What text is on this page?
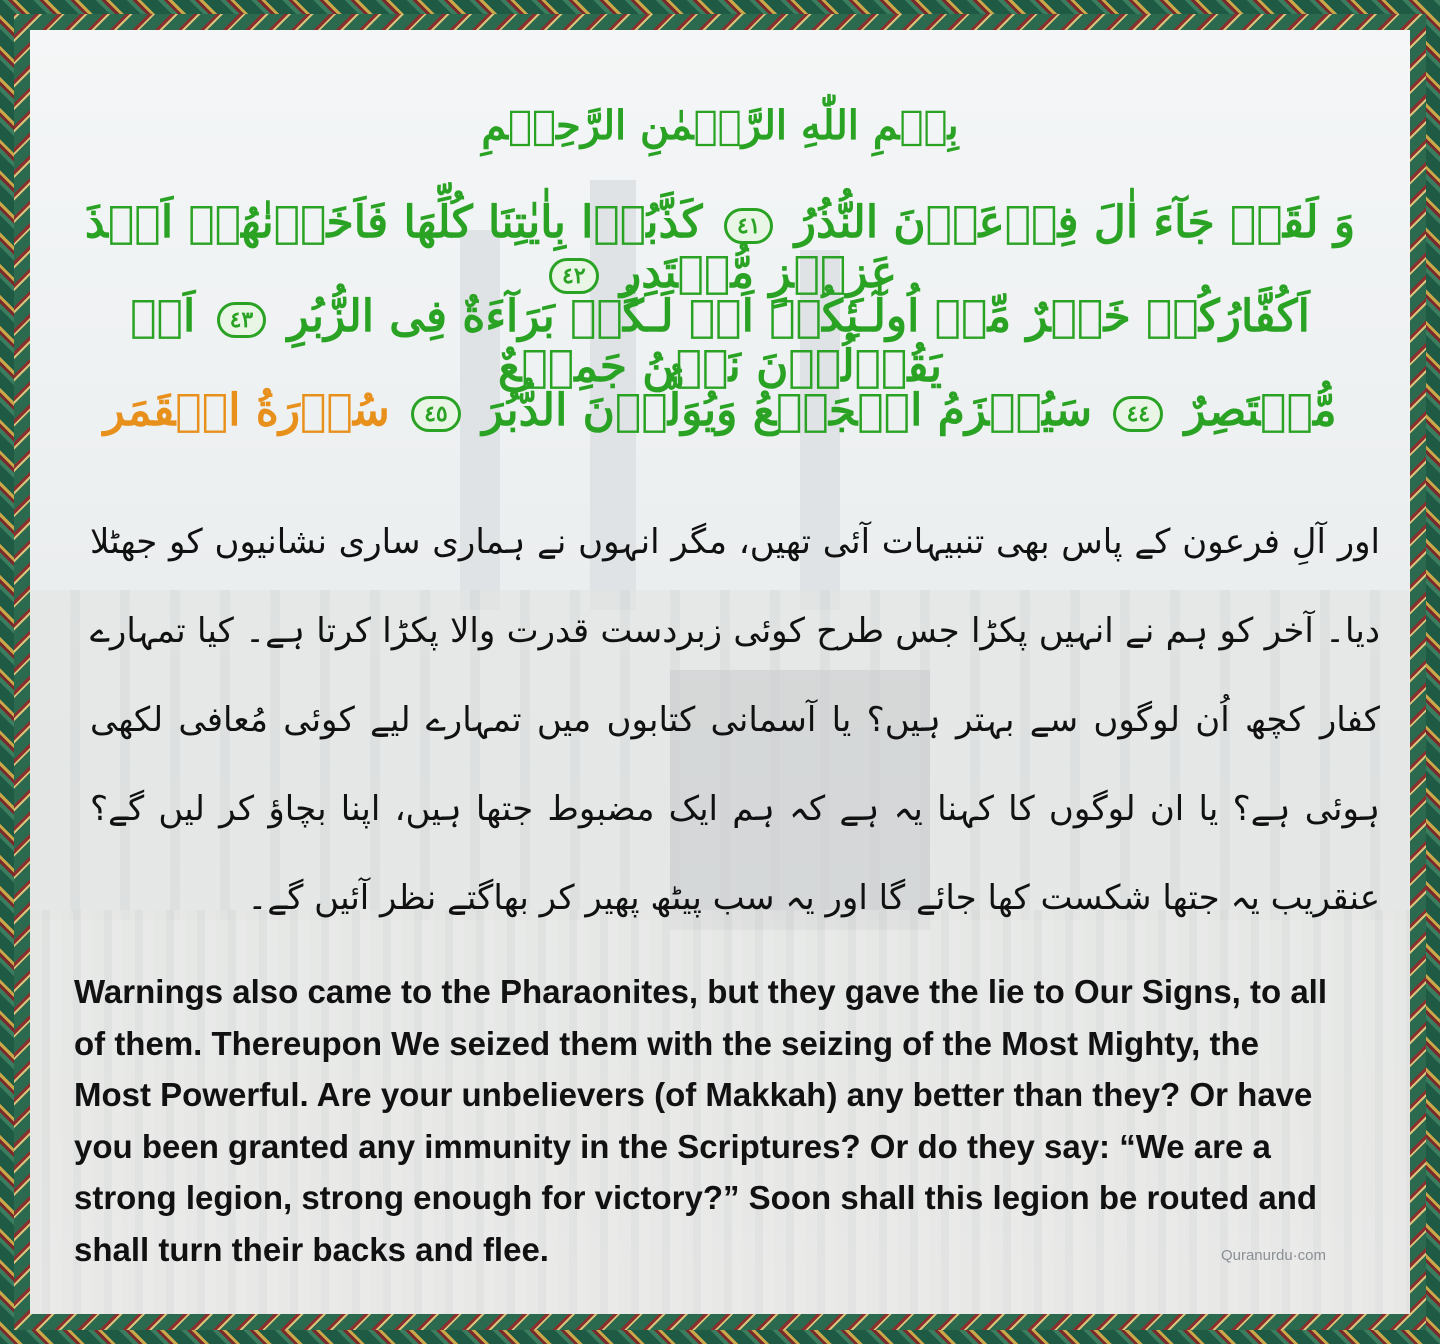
بِسۡمِ اللّٰهِ الرَّحۡمٰنِ الرَّحِيۡمِ
وَ لَقَدۡ جَآءَ اٰلَ فِرۡعَوۡنَ النُّذُرُ ٤١ كَذَّبُوۡا بِاٰيٰتِنَا كُلِّهَا فَاَخَذۡنٰهُمۡ اَخۡذَ عَزِيۡزٍ مُّقۡتَدِرٍ ٤٢
اَكُفَّارُكُمۡ خَيۡرٌ مِّنۡ اُولٰٓـئِكُمۡ اَمۡ لَـكُمۡ بَرَآءَةٌ فِى الزُّبُرِ ٤٣ اَمۡ يَقُوۡلُوۡنَ نَحۡنُ جَمِيۡعٌ
مُّنۡتَصِرٌ ٤٤ سَيُهۡزَمُ الۡجَمۡعُ وَيُوَلُّوۡنَ الدُّبُرَ ٤٥ سُوۡرَةُ الۡقَمَر

اور آلِ فرعون کے پاس بھی تنبیہات آئی تھیں، مگر انہوں نے ہماری ساری نشانیوں کو جھٹلا دیا۔ آخر کو ہم نے انہیں پکڑا جس طرح کوئی زبردست قدرت والا پکڑا کرتا ہے۔ کیا تمہارے کفار کچھ اُن لوگوں سے بہتر ہیں؟ یا آسمانی کتابوں میں تمہارے لیے کوئی مُعافی لکھی ہوئی ہے؟ یا ان لوگوں کا کہنا یہ ہے کہ ہم ایک مضبوط جتھا ہیں، اپنا بچاؤ کر لیں گے؟ عنقریب یہ جتھا شکست کھا جائے گا اور یہ سب پیٹھ پھیر کر بھاگتے نظر آئیں گے۔

Warnings also came to the Pharaonites, but they gave the lie to Our Signs, to all of them. Thereupon We seized them with the seizing of the Most Mighty, the Most Powerful. Are your unbelievers (of Makkah) any better than they? Or have you been granted any immunity in the Scriptures? Or do they say: “We are a strong legion, strong enough for victory?” Soon shall this legion be routed and shall turn their backs and flee.	Quranurdu·com
